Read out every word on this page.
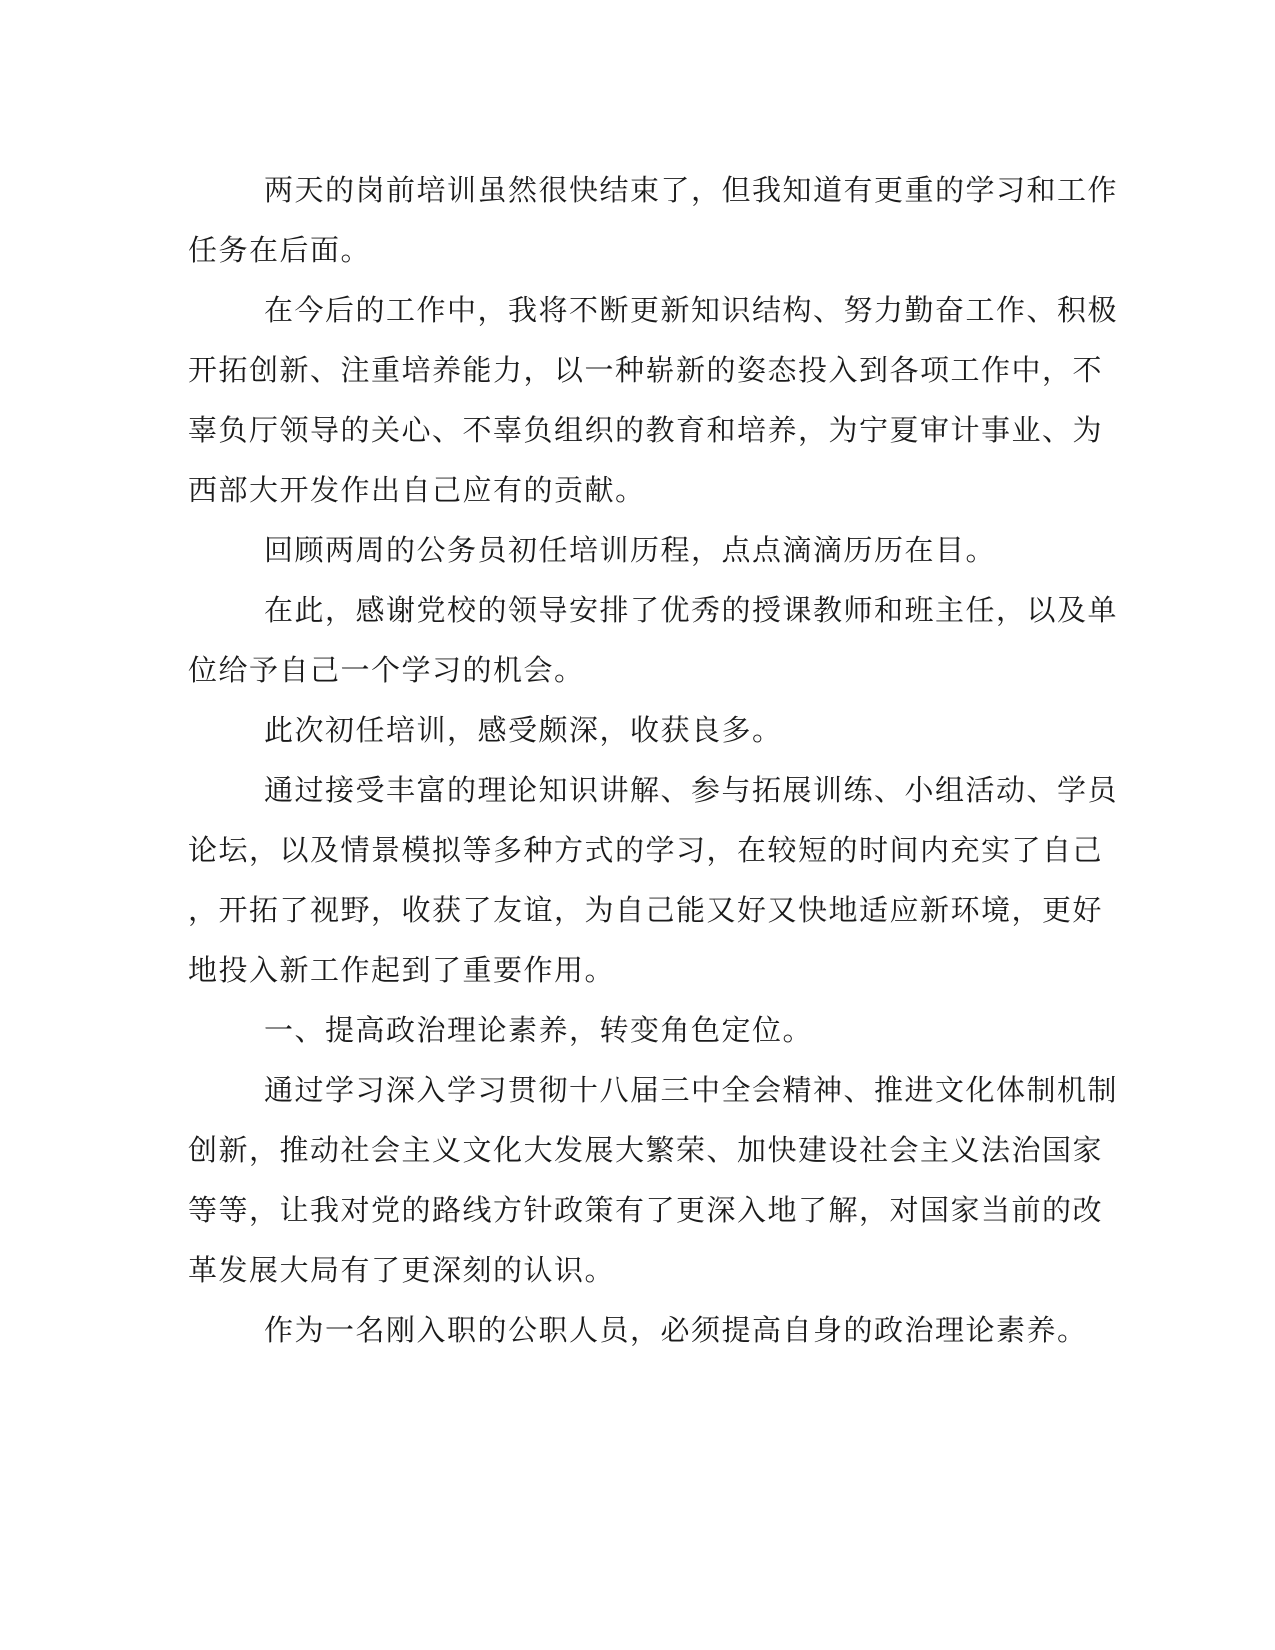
两天的岗前培训虽然很快结束了，但我知道有更重的学习和工作

任务在后面。

在今后的工作中，我将不断更新知识结构、努力勤奋工作、积极

开拓创新、注重培养能力，以一种崭新的姿态投入到各项工作中，不

辜负厅领导的关心、不辜负组织的教育和培养，为宁夏审计事业、为

西部大开发作出自己应有的贡献。

回顾两周的公务员初任培训历程，点点滴滴历历在目。

在此，感谢党校的领导安排了优秀的授课教师和班主任，以及单

位给予自己一个学习的机会。

此次初任培训，感受颇深，收获良多。

通过接受丰富的理论知识讲解、参与拓展训练、小组活动、学员

论坛，以及情景模拟等多种方式的学习，在较短的时间内充实了自己

，开拓了视野，收获了友谊，为自己能又好又快地适应新环境，更好

地投入新工作起到了重要作用。

一、提高政治理论素养，转变角色定位。

通过学习深入学习贯彻十八届三中全会精神、推进文化体制机制

创新，推动社会主义文化大发展大繁荣、加快建设社会主义法治国家

等等，让我对党的路线方针政策有了更深入地了解，对国家当前的改

革发展大局有了更深刻的认识。

作为一名刚入职的公职人员，必须提高自身的政治理论素养。
